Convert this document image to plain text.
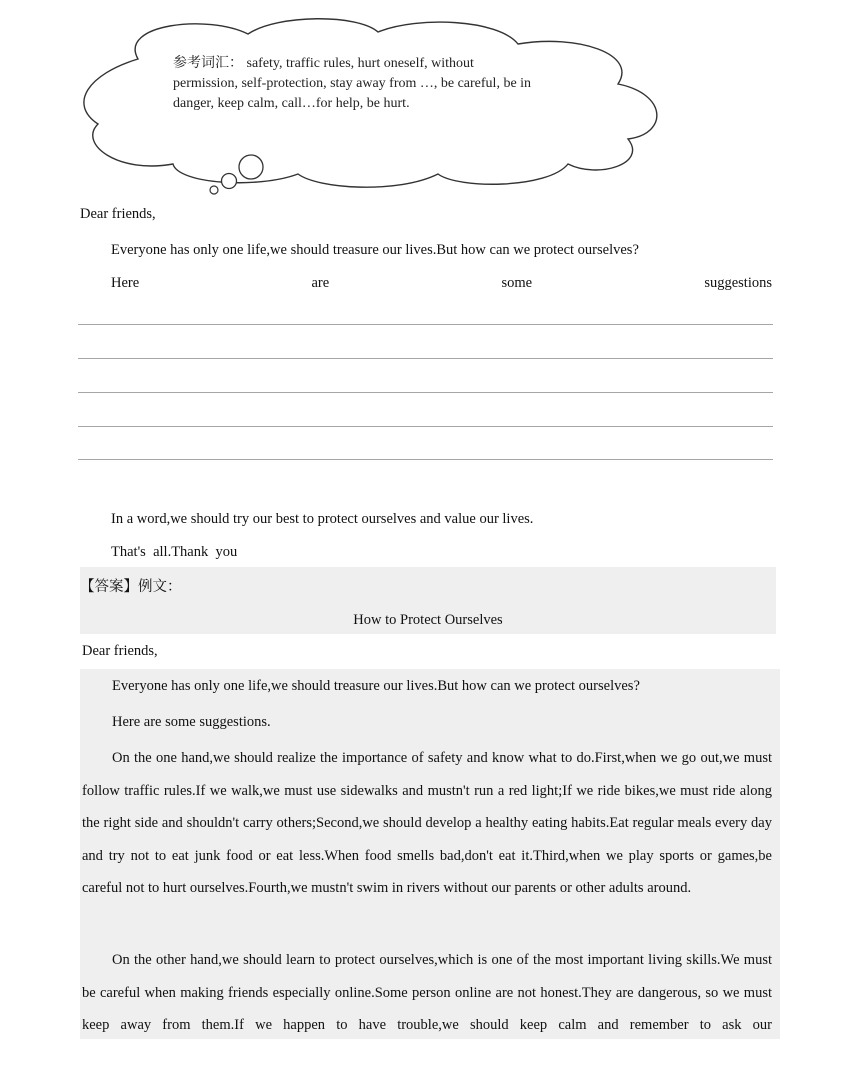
参考词汇： safety, traffic rules, hurt oneself, without permission, self-protection, stay away from …, be careful, be in danger, keep calm, call…for help, be hurt.
Dear friends,
Everyone has only one life,we should treasure our lives.But how can we protect ourselves?
Here	are	some	suggestions
In a word,we should try our best to protect ourselves and value our lives.
That's  all.Thank  you
【答案】例文：
How to Protect Ourselves
Dear friends,
Everyone has only one life,we should treasure our lives.But how can we protect ourselves?
Here are some suggestions.
On the one hand,we should realize the importance of safety and know what to do.First,when we go out,we must follow traffic rules.If we walk,we must use sidewalks and mustn't run a red light;If we ride bikes,we must ride along the right side and shouldn't carry others;Second,we should develop a healthy eating habits.Eat regular meals every day and try not to eat junk food or eat less.When food smells bad,don't eat it.Third,when we play sports or games,be careful not to hurt ourselves.Fourth,we mustn't swim in rivers without our parents or other adults around.
On the other hand,we should learn to protect ourselves,which is one of the most important living skills.We must be careful when making friends especially online.Some person online are not honest.They are dangerous, so we must keep away from them.If we happen to have trouble,we should keep calm and remember to ask our
